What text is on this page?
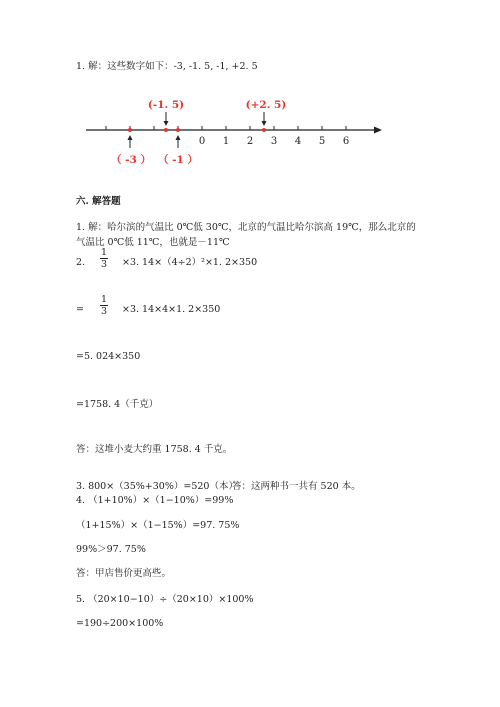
1. 解：这些数字如下：-3, -1. 5, -1, +2. 5
0 1 2 3 4 5 6
(-1. 5)	(+2. 5)
（ -3 ） （ -1 ）
六. 解答题
1. 解：哈尔滨的气温比 0℃低 30℃，北京的气温比哈尔滨高 19℃，那么北京的
气温比 0℃低 11℃，也就是－11℃
2.
1
3 ×3. 14×（4÷2）²×1. 2×350
=
1
3 ×3. 14×4×1. 2×350
=5. 024×350
=1758. 4（千克）
答：这堆小麦大约重 1758. 4 千克。
3. 800×（35%+30%）=520（本）
答：这两种书一共有 520 本。
4. （1+10%）×（1−10%）=99%
（1+15%）×（1−15%）=97. 75%
99%＞97. 75%
答：甲店售价更高些。
5. （20×10−10）÷（20×10）×100%
=190÷200×100%
